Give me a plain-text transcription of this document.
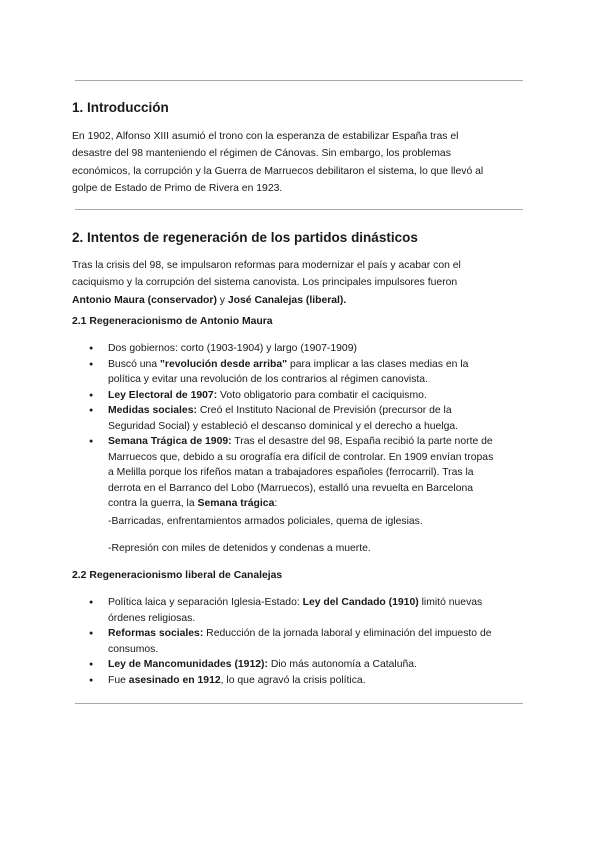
1. Introducción

En 1902, Alfonso XIII asumió el trono con la esperanza de estabilizar España tras el
desastre del 98 manteniendo el régimen de Cánovas. Sin embargo, los problemas
económicos, la corrupción y la Guerra de Marruecos debilitaron el sistema, lo que llevó al
golpe de Estado de Primo de Rivera en 1923.

2. Intentos de regeneración de los partidos dinásticos

Tras la crisis del 98, se impulsaron reformas para modernizar el país y acabar con el
caciquismo y la corrupción del sistema canovista. Los principales impulsores fueron
Antonio Maura (conservador) y José Canalejas (liberal).

2.1 Regeneracionismo de Antonio Maura
● Dos gobiernos: corto (1903-1904) y largo (1907-1909)
● Buscó una "revolución desde arriba" para implicar a las clases medias en la
política y evitar una revolución de los contrarios al régimen canovista.
● Ley Electoral de 1907: Voto obligatorio para combatir el caciquismo.
● Medidas sociales: Creó el Instituto Nacional de Previsión (precursor de la
Seguridad Social) y estableció el descanso dominical y el derecho a huelga.
● Semana Trágica de 1909: Tras el desastre del 98, España recibió la parte norte de
Marruecos que, debido a su orografía era difícil de controlar. En 1909 envían tropas
a Melilla porque los rifeños matan a trabajadores españoles (ferrocarril). Tras la
derrota en el Barranco del Lobo (Marruecos), estalló una revuelta en Barcelona
contra la guerra, la Semana trágica:

-Barricadas, enfrentamientos armados policiales, quema de iglesias.

-Represión con miles de detenidos y condenas a muerte.

2.2 Regeneracionismo liberal de Canalejas
● Política laica y separación Iglesia-Estado: Ley del Candado (1910) limitó nuevas
órdenes religiosas.
● Reformas sociales: Reducción de la jornada laboral y eliminación del impuesto de
consumos.
● Ley de Mancomunidades (1912): Dio más autonomía a Cataluña.
● Fue asesinado en 1912, lo que agravó la crisis política.
